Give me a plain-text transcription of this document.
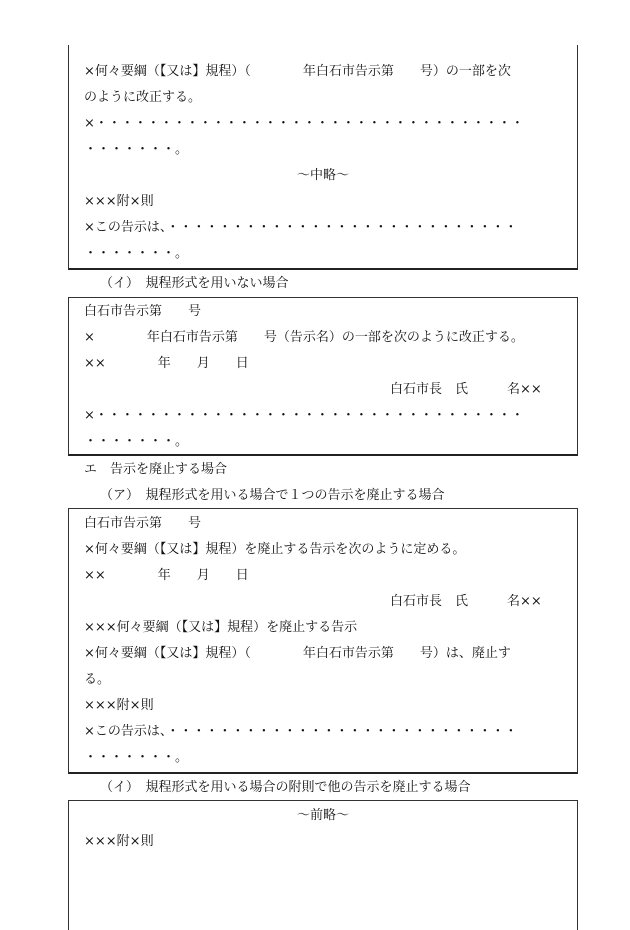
×何々要綱（【又は】規程）（　　　　年白石市告示第　　号）の一部を次
のように改正する。
×・・・・・・・・・・・・・・・・・・・・・・・・・・・・・・・・・
・・・・・・・。
〜中略〜
×××附×則
×この告示は、・・・・・・・・・・・・・・・・・・・・・・・・・・・
・・・・・・・。
（イ）　規程形式を用いない場合
白石市告示第　　号
×　　　　年白石市告示第　　号（告示名）の一部を次のように改正する。
××　　　　年　　月　　日
白石市長　氏　　　名××
×・・・・・・・・・・・・・・・・・・・・・・・・・・・・・・・・・
・・・・・・・。
エ　告示を廃止する場合
（ア）　規程形式を用いる場合で１つの告示を廃止する場合
白石市告示第　　号
×何々要綱（【又は】規程）を廃止する告示を次のように定める。
××　　　　年　　月　　日
白石市長　氏　　　名××
×××何々要綱（【又は】規程）を廃止する告示
×何々要綱（【又は】規程）（　　　　年白石市告示第　　号）は、廃止す
る。
×××附×則
×この告示は、・・・・・・・・・・・・・・・・・・・・・・・・・・・
・・・・・・・。
（イ）　規程形式を用いる場合の附則で他の告示を廃止する場合
〜前略〜
×××附×則
